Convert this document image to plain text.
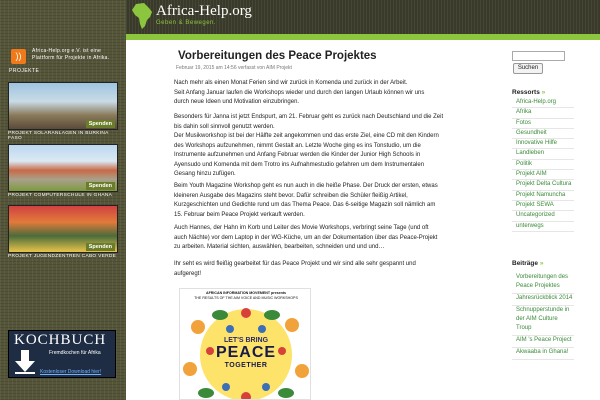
Africa-Help.org
Geben & Bewegen.
))	Africa-Help.org e.V. ist eine Plattform für Projekte in Afrika.
PROJEKTE
Spenden
PROJEKT SOLARANLAGEN IN BURKINA FASO
Spenden
PROJEKT COMPUTERSCHULE IN GHANA
Spenden
PROJEKT JUGENDZENTREN CABO VERDE
KOCHBUCH
Fremdkochen für Afrika
Kostenloser Download hier!
Vorbereitungen des Peace Projektes
Februar 19, 2015 am 14:56 verfasst von AIM Projekt
Nach mehr als einen Monat Ferien sind wir zurück in Komenda und zurück in der Arbeit.
Seit Anfang Januar laufen die Workshops wieder und durch den langen Urlaub können wir uns
durch neue Ideen und Motivation einzubringen.
Besonders für Janna ist jetzt Endspurt, am 21. Februar geht es zurück nach Deutschland und die Zeit
bis dahin soll sinnvoll genutzt werden.
Der Musikworkshop ist bei der Hälfte zeit angekommen und das erste Ziel, eine CD mit den Kindern
des Workshops aufzunehmen, nimmt Gestalt an. Letzte Woche ging es ins Tonstudio, um die
Instrumente aufzunehmen und Anfang Februar werden die Kinder der Junior High Schools in
Ayensudo und Komenda mit dem Trotro ins Aufnahmestudio gefahren um dem Instrumentalen
Gesang hinzu zufügen.
Beim Youth Magazine Workshop geht es nun auch in die heiße Phase. Der Druck der ersten, etwas
kleineren Ausgabe des Magazins steht bevor. Dafür schreiben die Schüler fleißig Artikel,
Kurzgeschichten und Gedichte rund um das Thema Peace. Das 6-seitige Magazin soll nämlich am
15. Februar beim Peace Projekt verkauft werden.
Auch Hannes, der Hahn im Korb und Leiter des Movie Workshops, verbringt seine Tage (und oft
auch Nächte) vor dem Laptop in der WG-Küche, um an der Dokumentation über das Peace-Projekt
zu arbeiten. Material sichten, auswählen, bearbeiten, schneiden und und und…
Ihr seht es wird fleißig gearbeitet für das Peace Projekt und wir sind alle sehr gespannt und
aufgeregt!
AFRICAN INFORMATION MOVEMENT presents
THE RESULTS OF THE AIM VOICE AND MUSIC WORKSHOPS
LET'S BRING
PEACE
TOGETHER
Suchen
Ressorts »
Africa-Help.org
Afrika
Fotos
Gesundheit
Innovative Hilfe
Landleben
Politik
Projekt AIM
Projekt Delta Cultura
Projekt Namuncha
Projekt SEWA
Uncategorized
unterwegs
Beiträge »
Vorbereitungen des Peace Projektes
Jahresrückblick 2014
Schnupperstunde in der AIM Culture Troup
AIM 's Peace Project
Akwaaba in Ghana!
